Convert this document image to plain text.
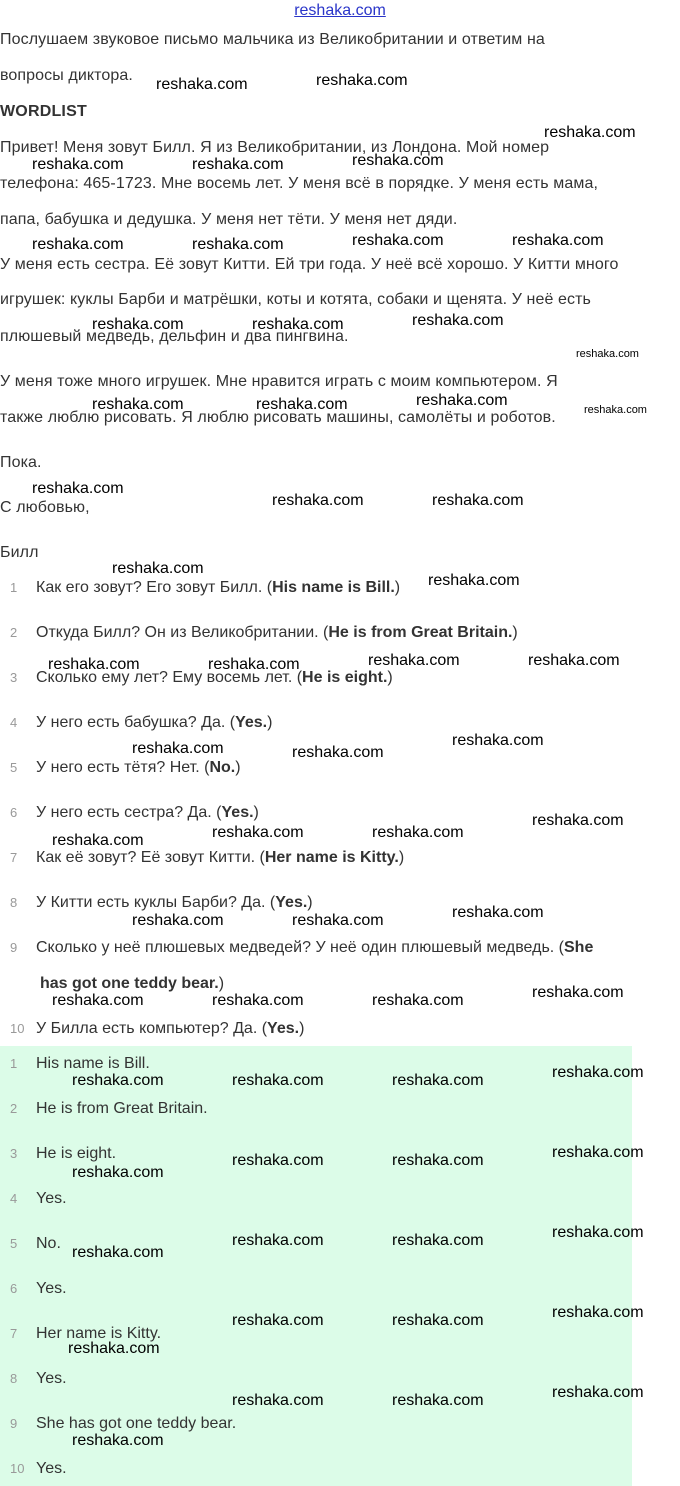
reshaka.com
Послушаем звуковое письмо мальчика из Великобритании и ответим на
вопросы диктора.
WORDLIST
Привет! Меня зовут Билл. Я из Великобритании, из Лондона. Мой номер
телефона: 465-1723. Мне восемь лет. У меня всё в порядке. У меня есть мама,
папа, бабушка и дедушка. У меня нет тёти. У меня нет дяди.
У меня есть сестра. Её зовут Китти. Ей три года. У неё всё хорошо. У Китти много
игрушек: куклы Барби и матрёшки, коты и котята, собаки и щенята. У неё есть
плюшевый медведь, дельфин и два пингвина.
У меня тоже много игрушек. Мне нравится играть с моим компьютером. Я
также люблю рисовать. Я люблю рисовать машины, самолёты и роботов.
Пока.
С любовью,
Билл
1	Как его зовут? Его зовут Билл. (His name is Bill.)
2	Откуда Билл? Он из Великобритании. (He is from Great Britain.)
3	Сколько ему лет? Ему восемь лет. (He is eight.)
4	У него есть бабушка? Да. (Yes.)
5	У него есть тётя? Нет. (No.)
6	У него есть сестра? Да. (Yes.)
7	Как её зовут? Её зовут Китти. (Her name is Kitty.)
8	У Китти есть куклы Барби? Да. (Yes.)
9	Сколько у неё плюшевых медведей? У неё один плюшевый медведь. (She
has got one teddy bear.)
10 У Билла есть компьютер? Да. (Yes.)
1	His name is Bill.
2	He is from Great Britain.
3	He is eight.
4	Yes.
5	No.
6	Yes.
7	Her name is Kitty.
8	Yes.
9	She has got one teddy bear.
10 Yes.
reshaka.com	reshaka.com
reshaka.com
reshaka.com	reshaka.com	reshaka.com
reshaka.com	reshaka.com	reshaka.com	reshaka.com
reshaka.com	reshaka.com	reshaka.com
reshaka.com
reshaka.com	reshaka.com	reshaka.com
reshaka.com
reshaka.com
reshaka.com	reshaka.com
reshaka.com
reshaka.com
reshaka.com	reshaka.com	reshaka.com	reshaka.com
reshaka.com	reshaka.com
reshaka.com
reshaka.com	reshaka.com	reshaka.com
reshaka.com
reshaka.com	reshaka.com	reshaka.com
reshaka.com	reshaka.com	reshaka.com	reshaka.com
reshaka.com	reshaka.com	reshaka.com	reshaka.com
reshaka.com
reshaka.com	reshaka.com	reshaka.com
reshaka.com
reshaka.com	reshaka.com	reshaka.com
reshaka.com	reshaka.com	reshaka.com
reshaka.com
reshaka.com	reshaka.com	reshaka.com
reshaka.com
